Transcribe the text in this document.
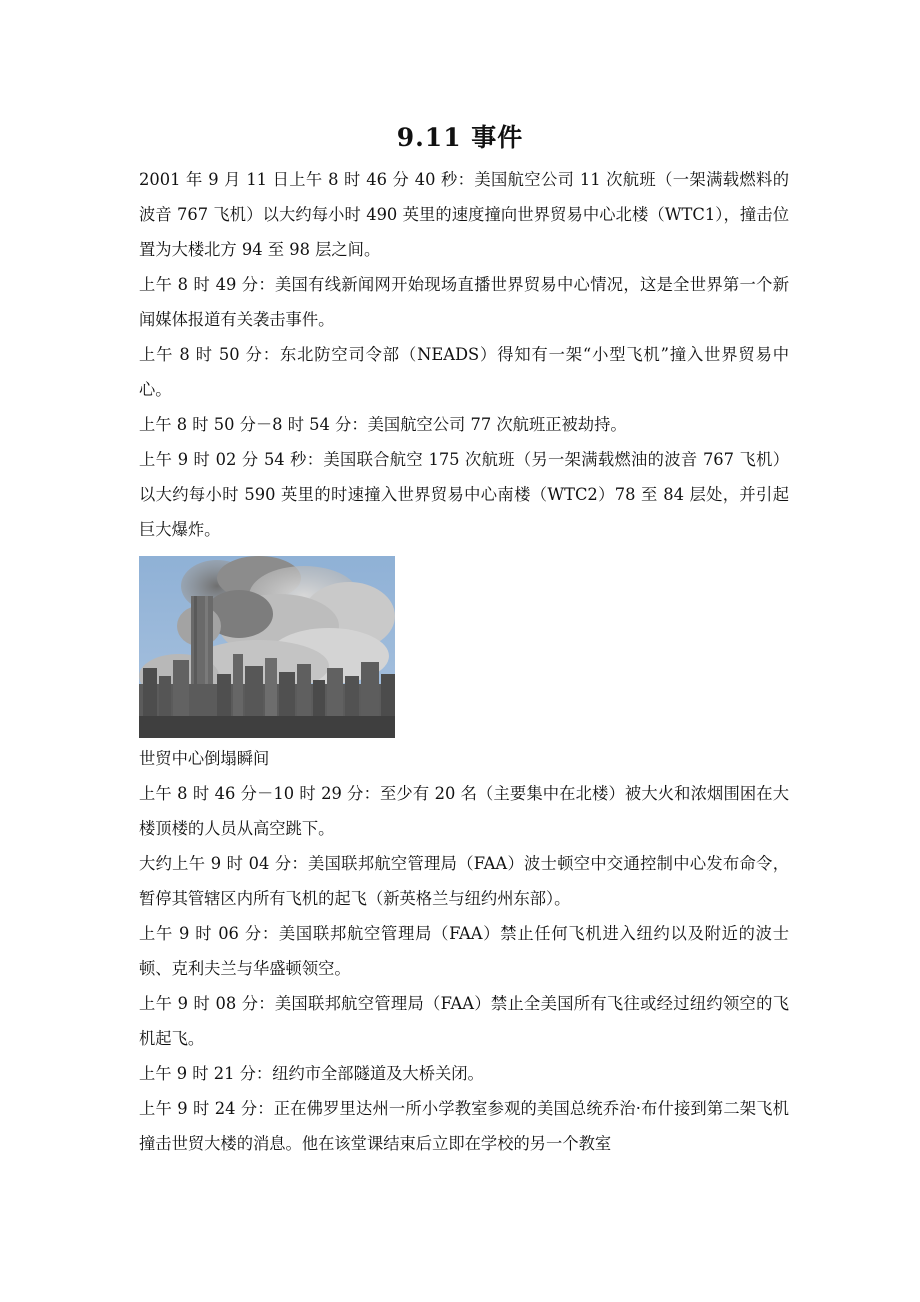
9.11 事件

2001 年 9 月 11 日上午 8 时 46 分 40 秒：美国航空公司 11 次航班（一架满载燃料的波音 767 飞机）以大约每小时 490 英里的速度撞向世界贸易中心北楼（WTC1），撞击位置为大楼北方 94 至 98 层之间。

上午 8 时 49 分：美国有线新闻网开始现场直播世界贸易中心情况，这是全世界第一个新闻媒体报道有关袭击事件。

上午 8 时 50 分：东北防空司令部（NEADS）得知有一架“小型飞机”撞入世界贸易中心。

上午 8 时 50 分－8 时 54 分：美国航空公司 77 次航班正被劫持。

上午 9 时 02 分 54 秒：美国联合航空 175 次航班（另一架满载燃油的波音 767 飞机）以大约每小时 590 英里的时速撞入世界贸易中心南楼（WTC2）78 至 84 层处，并引起巨大爆炸。

世贸中心倒塌瞬间

上午 8 时 46 分－10 时 29 分：至少有 20 名（主要集中在北楼）被大火和浓烟围困在大楼顶楼的人员从高空跳下。

大约上午 9 时 04 分：美国联邦航空管理局（FAA）波士顿空中交通控制中心发布命令，暂停其管辖区内所有飞机的起飞（新英格兰与纽约州东部）。

上午 9 时 06 分：美国联邦航空管理局（FAA）禁止任何飞机进入纽约以及附近的波士顿、克利夫兰与华盛顿领空。

上午 9 时 08 分：美国联邦航空管理局（FAA）禁止全美国所有飞往或经过纽约领空的飞机起飞。

上午 9 时 21 分：纽约市全部隧道及大桥关闭。

上午 9 时 24 分：正在佛罗里达州一所小学教室参观的美国总统乔治·布什接到第二架飞机撞击世贸大楼的消息。他在该堂课结束后立即在学校的另一个教室
